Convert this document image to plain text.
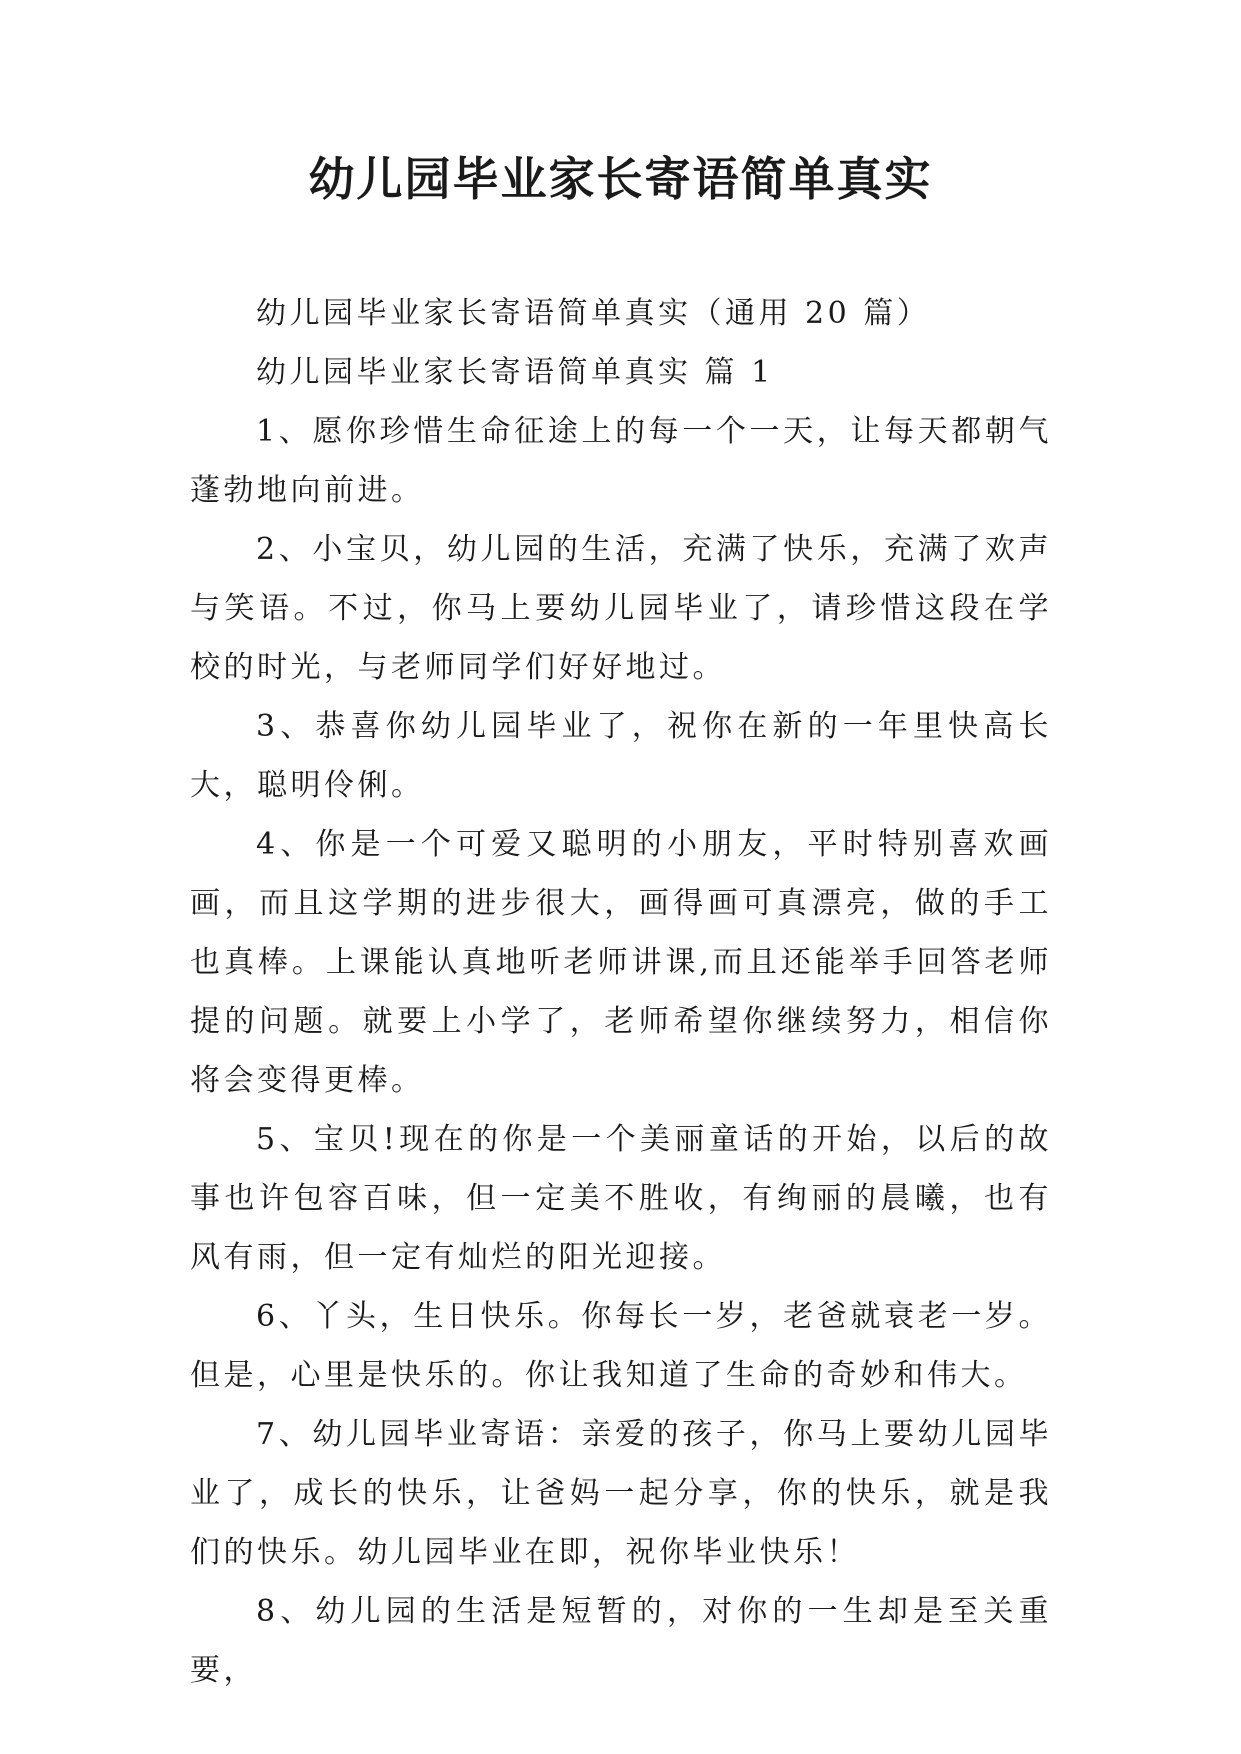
幼儿园毕业家长寄语简单真实

幼儿园毕业家长寄语简单真实（通用 20 篇）

幼儿园毕业家长寄语简单真实 篇 1

1、愿你珍惜生命征途上的每一个一天，让每天都朝气蓬勃地向前进。

2、小宝贝，幼儿园的生活，充满了快乐，充满了欢声与笑语。不过，你马上要幼儿园毕业了，请珍惜这段在学校的时光，与老师同学们好好地过。

3、恭喜你幼儿园毕业了，祝你在新的一年里快高长大，聪明伶俐。

4、你是一个可爱又聪明的小朋友，平时特别喜欢画画，而且这学期的进步很大，画得画可真漂亮，做的手工也真棒。上课能认真地听老师讲课,而且还能举手回答老师提的问题。就要上小学了，老师希望你继续努力，相信你将会变得更棒。

5、宝贝!现在的你是一个美丽童话的开始，以后的故事也许包容百味，但一定美不胜收，有绚丽的晨曦，也有风有雨，但一定有灿烂的阳光迎接。

6、丫头，生日快乐。你每长一岁，老爸就衰老一岁。但是，心里是快乐的。你让我知道了生命的奇妙和伟大。

7、幼儿园毕业寄语：亲爱的孩子，你马上要幼儿园毕业了，成长的快乐，让爸妈一起分享，你的快乐，就是我们的快乐。幼儿园毕业在即，祝你毕业快乐！

8、幼儿园的生活是短暂的，对你的一生却是至关重要，
